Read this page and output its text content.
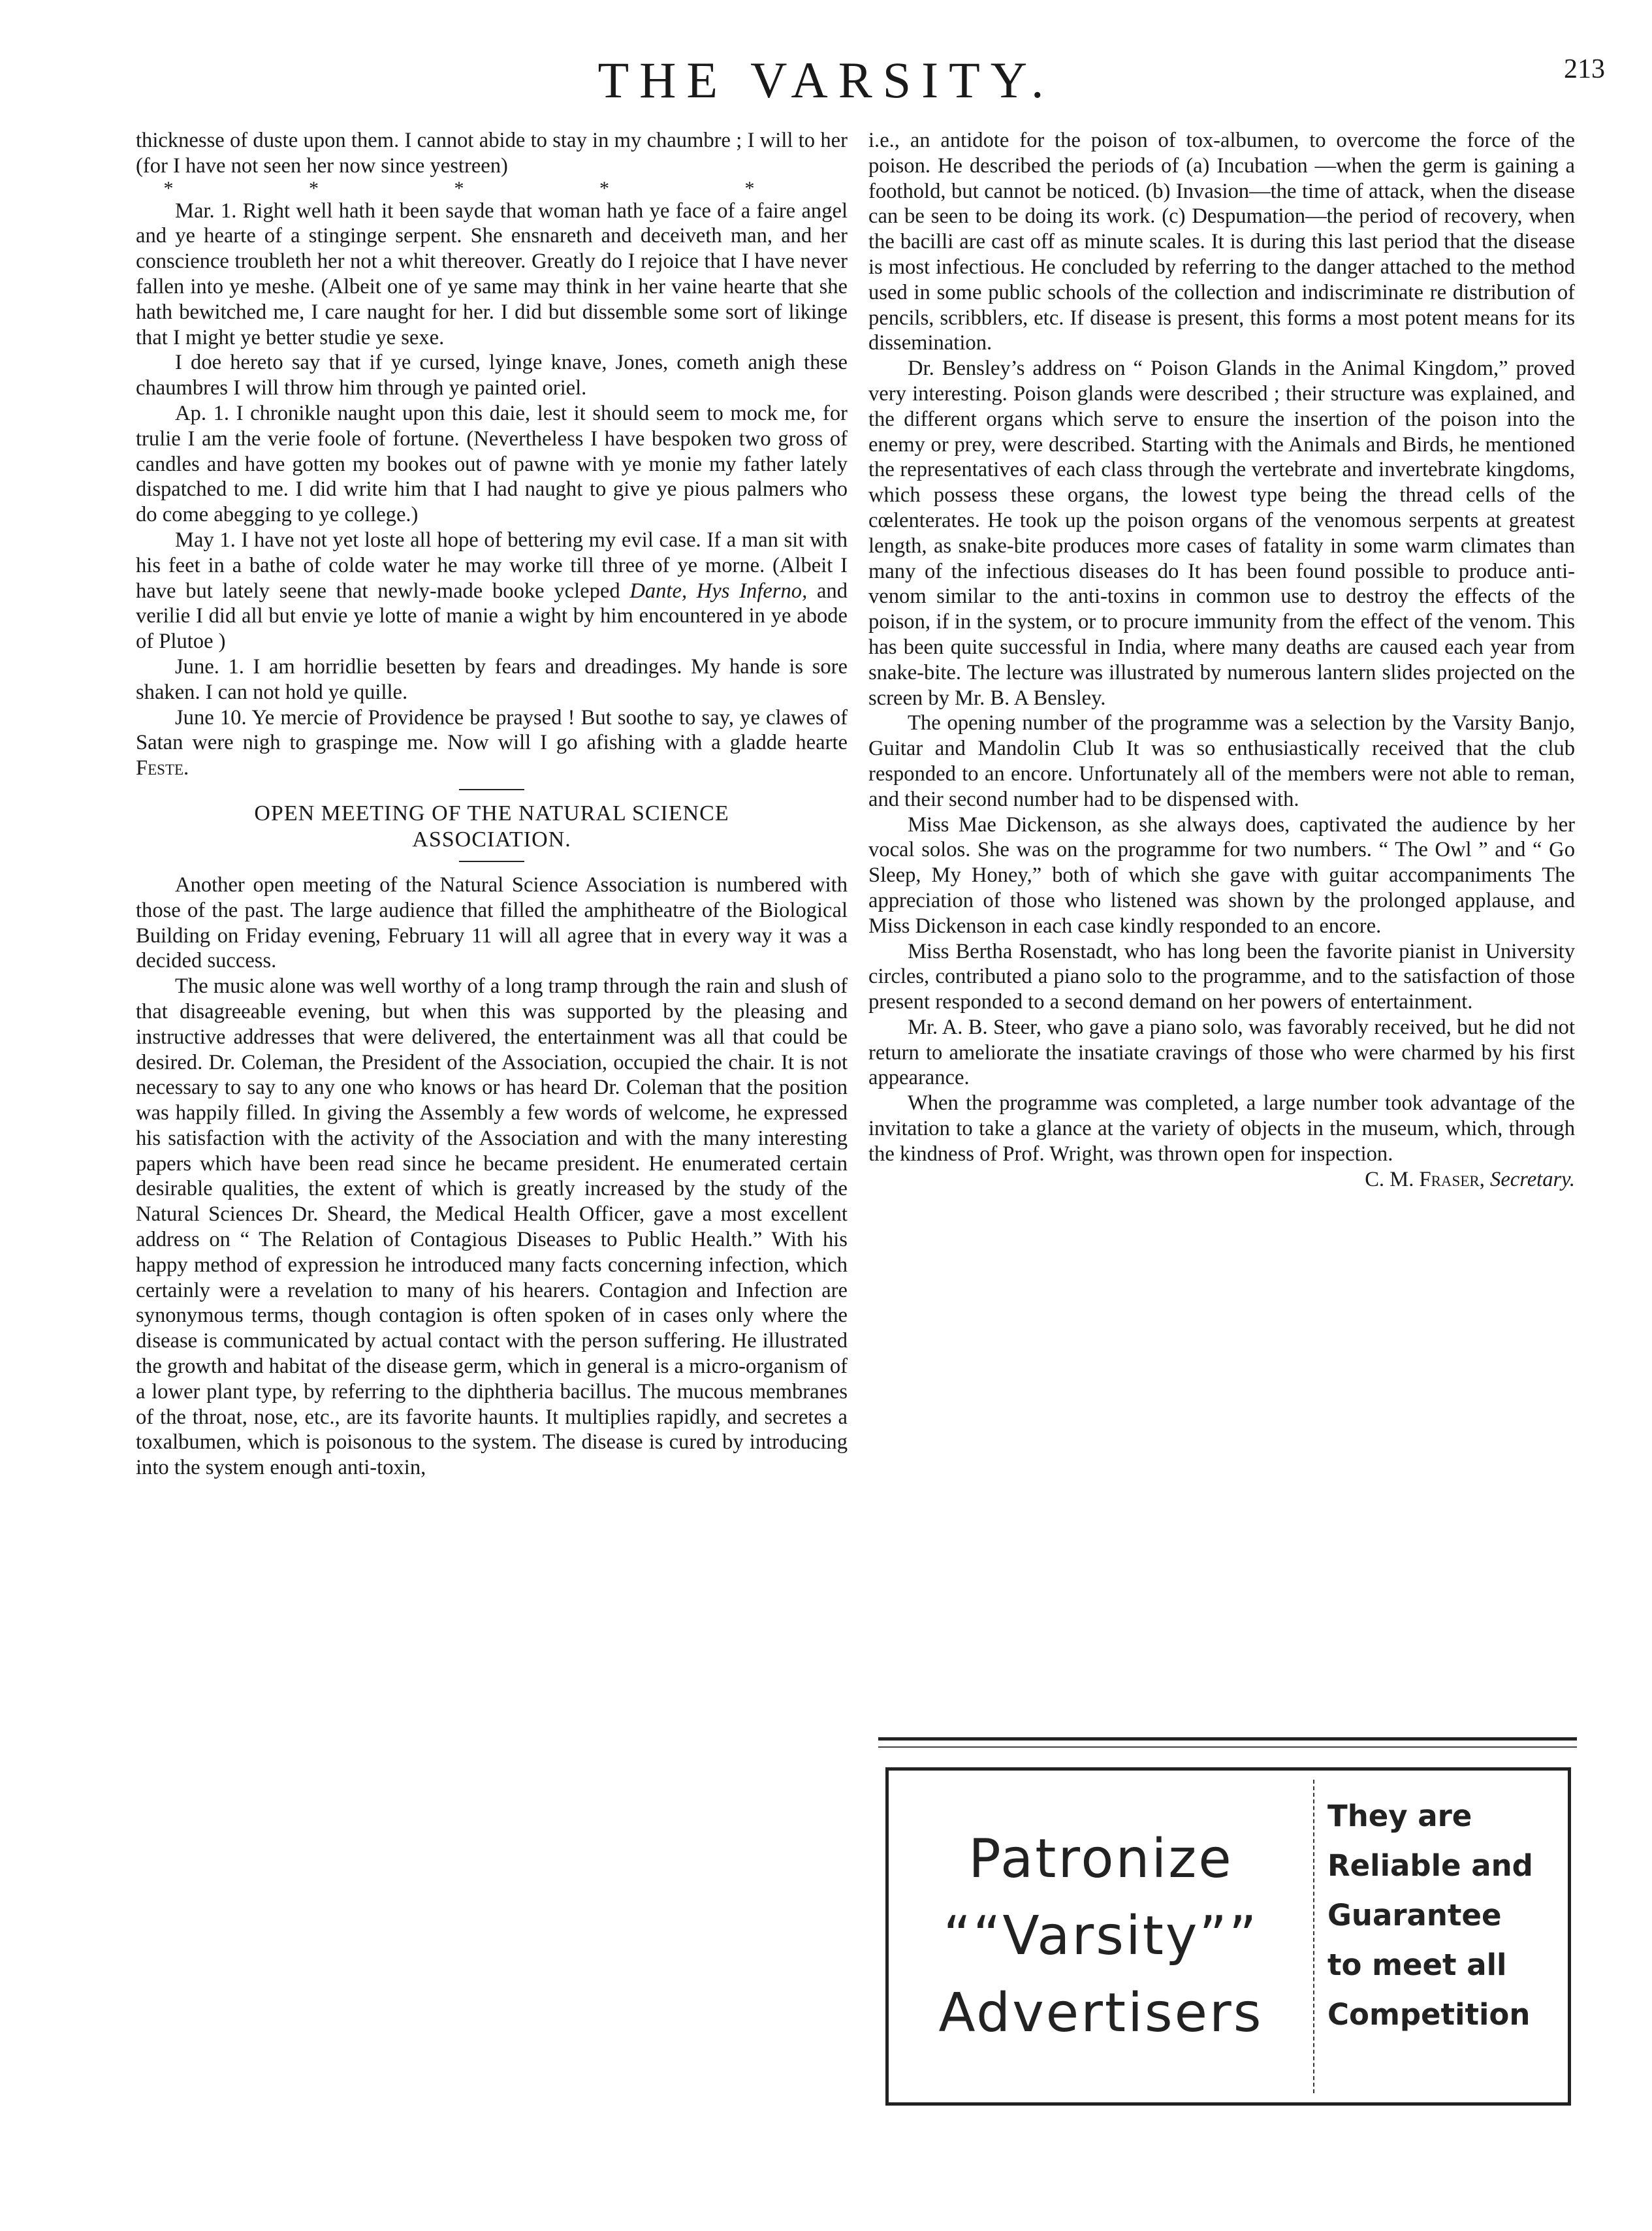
THE VARSITY.	213

thicknesse of duste upon them. I cannot abide to stay in my chaumbre ; I will to her (for I have not seen her now since yestreen)

* * * * *

Mar. 1. Right well hath it been sayde that woman hath ye face of a faire angel and ye hearte of a stinginge serpent. She ensnareth and deceiveth man, and her conscience troubleth her not a whit thereover. Greatly do I rejoice that I have never fallen into ye meshe. (Albeit one of ye same may think in her vaine hearte that she hath bewitched me, I care naught for her. I did but dissemble some sort of likinge that I might ye better studie ye sexe.

I doe hereto say that if ye cursed, lyinge knave, Jones, cometh anigh these chaumbres I will throw him through ye painted oriel.

Ap. 1. I chronikle naught upon this daie, lest it should seem to mock me, for trulie I am the verie foole of fortune. (Nevertheless I have bespoken two gross of candles and have gotten my bookes out of pawne with ye monie my father lately dispatched to me. I did write him that I had naught to give ye pious palmers who do come abegging to ye college.)

May 1. I have not yet loste all hope of bettering my evil case. If a man sit with his feet in a bathe of colde water he may worke till three of ye morne. (Albeit I have but lately seene that newly-made booke ycleped Dante, Hys Inferno, and verilie I did all but envie ye lotte of manie a wight by him encountered in ye abode of Plutoe )

June. 1. I am horridlie besetten by fears and dreadinges. My hande is sore shaken. I can not hold ye quille.

June 10. Ye mercie of Providence be praysed ! But soothe to say, ye clawes of Satan were nigh to graspinge me. Now will I go afishing with a gladde hearte Feste.

OPEN MEETING OF THE NATURAL SCIENCE
ASSOCIATION.

Another open meeting of the Natural Science Association is numbered with those of the past. The large audience that filled the amphitheatre of the Biological Building on Friday evening, February 11 will all agree that in every way it was a decided success.

The music alone was well worthy of a long tramp through the rain and slush of that disagreeable evening, but when this was supported by the pleasing and instructive addresses that were delivered, the entertainment was all that could be desired. Dr. Coleman, the President of the Association, occupied the chair. It is not necessary to say to any one who knows or has heard Dr. Coleman that the position was happily filled. In giving the Assembly a few words of welcome, he expressed his satisfaction with the activity of the Association and with the many interesting papers which have been read since he became president. He enumerated certain desirable qualities, the extent of which is greatly increased by the study of the Natural Sciences Dr. Sheard, the Medical Health Officer, gave a most excellent address on “ The Relation of Contagious Diseases to Public Health.” With his happy method of expression he introduced many facts concerning infection, which certainly were a revelation to many of his hearers. Contagion and Infection are synonymous terms, though contagion is often spoken of in cases only where the disease is communicated by actual contact with the person suffering. He illustrated the growth and habitat of the disease germ, which in general is a micro-organism of a lower plant type, by referring to the diphtheria bacillus. The mucous membranes of the throat, nose, etc., are its favorite haunts. It multiplies rapidly, and secretes a toxalbumen, which is poisonous to the system. The disease is cured by introducing into the system enough anti-toxin,

i.e., an antidote for the poison of tox-albumen, to overcome the force of the poison. He described the periods of (a) Incubation —when the germ is gaining a foothold, but cannot be noticed. (b) Invasion—the time of attack, when the disease can be seen to be doing its work. (c) Despumation—the period of recovery, when the bacilli are cast off as minute scales. It is during this last period that the disease is most infectious. He concluded by referring to the danger attached to the method used in some public schools of the collection and indiscriminate re distribution of pencils, scribblers, etc. If disease is present, this forms a most potent means for its dissemination.

Dr. Bensley’s address on “ Poison Glands in the Animal Kingdom,” proved very interesting. Poison glands were described ; their structure was explained, and the different organs which serve to ensure the insertion of the poison into the enemy or prey, were described. Starting with the Animals and Birds, he mentioned the representatives of each class through the vertebrate and invertebrate kingdoms, which possess these organs, the lowest type being the thread cells of the cœlenterates. He took up the poison organs of the venomous serpents at greatest length, as snake-bite produces more cases of fatality in some warm climates than many of the infectious diseases do It has been found possible to produce anti-venom similar to the anti-toxins in common use to destroy the effects of the poison, if in the system, or to procure immunity from the effect of the venom. This has been quite successful in India, where many deaths are caused each year from snake-bite. The lecture was illustrated by numerous lantern slides projected on the screen by Mr. B. A Bensley.

The opening number of the programme was a selection by the Varsity Banjo, Guitar and Mandolin Club It was so enthusiastically received that the club responded to an encore. Unfortunately all of the members were not able to reman, and their second number had to be dispensed with.

Miss Mae Dickenson, as she always does, captivated the audience by her vocal solos. She was on the programme for two numbers. “ The Owl ” and “ Go Sleep, My Honey,” both of which she gave with guitar accompaniments The appreciation of those who listened was shown by the prolonged applause, and Miss Dickenson in each case kindly responded to an encore.

Miss Bertha Rosenstadt, who has long been the favorite pianist in University circles, contributed a piano solo to the programme, and to the satisfaction of those present responded to a second demand on her powers of entertainment.

Mr. A. B. Steer, who gave a piano solo, was favorably received, but he did not return to ameliorate the insatiate cravings of those who were charmed by his first appearance.

When the programme was completed, a large number took advantage of the invitation to take a glance at the variety of objects in the museum, which, through the kindness of Prof. Wright, was thrown open for inspection.

C. M. Fraser, Secretary.

Patronize
““Varsity””
Advertisers
They are
Reliable and
Guarantee
to meet all
Competition
